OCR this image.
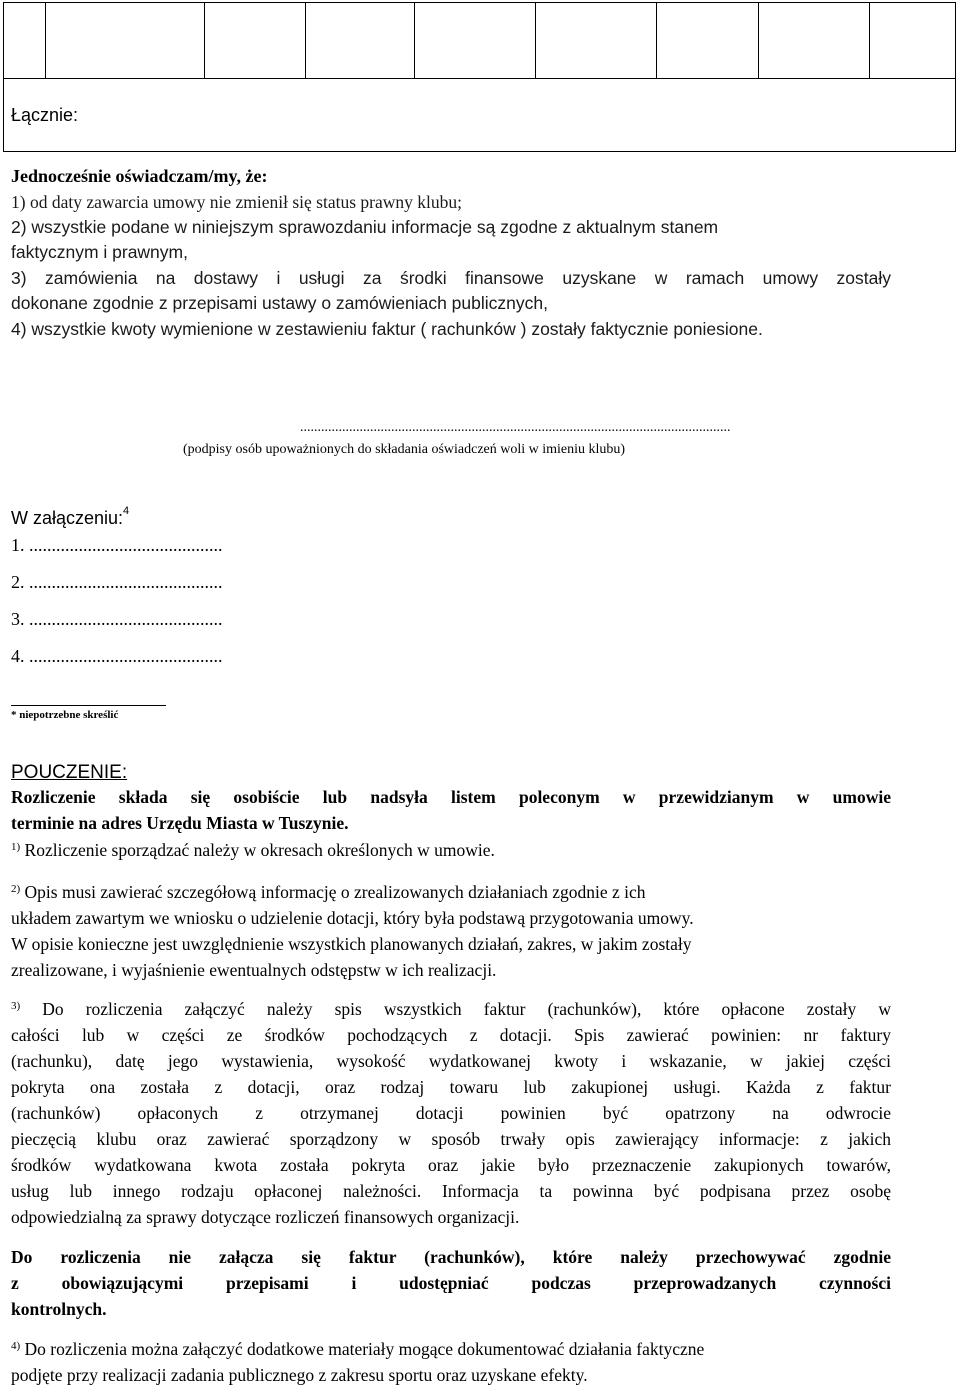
Łącznie:
Jednocześnie oświadczam/my, że:
1) od daty zawarcia umowy nie zmienił się status prawny klubu;
2) wszystkie podane w niniejszym sprawozdaniu informacje są zgodne z aktualnym stanem
faktycznym i prawnym,
3) zamówienia na dostawy i usługi za środki finansowe uzyskane w ramach umowy zostały
dokonane zgodnie z przepisami ustawy o zamówieniach publicznych,
4) wszystkie kwoty wymienione w zestawieniu faktur ( rachunków ) zostały faktycznie poniesione.
...........................................................................................................................
(podpisy osób upoważnionych do składania oświadczeń woli w imieniu klubu)
W załączeniu:$^4$
1. ...........................................
2. ...........................................
3. ...........................................
4. ...........................................
* niepotrzebne skreślić
POUCZENIE:
Rozliczenie składa się osobiście lub nadsyła listem poleconym w przewidzianym w umowie
terminie na adres Urzędu Miasta w Tuszynie.

$^{1)}$ Rozliczenie sporządzać należy w okresach określonych w umowie.

$^{2)}$ Opis musi zawierać szczegółową informację o zrealizowanych działaniach zgodnie z ich

układem zawartym we wniosku o udzielenie dotacji, który była podstawą przygotowania umowy.

W opisie konieczne jest uwzględnienie wszystkich planowanych działań, zakres, w jakim zostały

zrealizowane, i wyjaśnienie ewentualnych odstępstw w ich realizacji.

$^{3)}$ Do rozliczenia załączyć należy spis wszystkich faktur (rachunków), które opłacone zostały w
całości lub w części ze środków pochodzących z dotacji. Spis zawierać powinien: nr faktury
(rachunku), datę jego wystawienia, wysokość wydatkowanej kwoty i wskazanie, w jakiej części
pokryta ona została z dotacji, oraz rodzaj towaru lub zakupionej usługi. Każda z faktur
(rachunków) opłaconych z otrzymanej dotacji powinien być opatrzony na odwrocie
pieczęcią klubu oraz zawierać sporządzony w sposób trwały opis zawierający informacje: z jakich
środków wydatkowana kwota została pokryta oraz jakie było przeznaczenie zakupionych towarów,
usług lub innego rodzaju opłaconej należności. Informacja ta powinna być podpisana przez osobę
odpowiedzialną za sprawy dotyczące rozliczeń finansowych organizacji.
Do rozliczenia nie załącza się faktur (rachunków), które należy przechowywać zgodnie
z obowiązującymi przepisami i udostępniać podczas przeprowadzanych czynności
kontrolnych.

$^{4)}$ Do rozliczenia można załączyć dodatkowe materiały mogące dokumentować działania faktyczne

podjęte przy realizacji zadania publicznego z zakresu sportu oraz uzyskane efekty.
